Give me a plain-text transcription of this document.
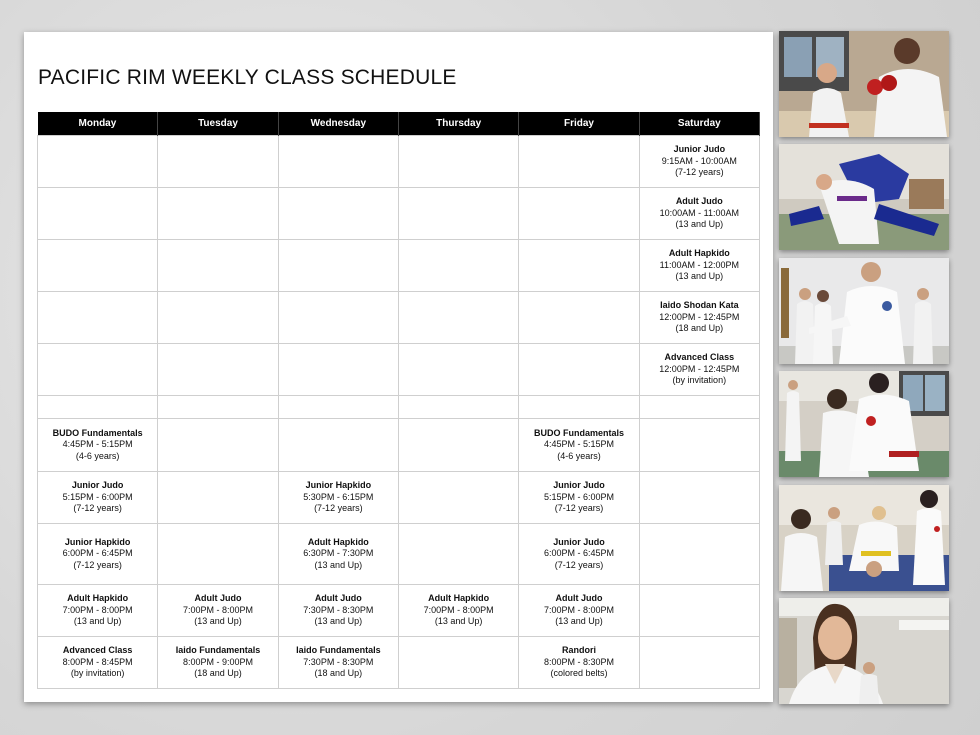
PACIFIC RIM WEEKLY CLASS SCHEDULE
Monday	Tuesday	Wednesday	Thursday	Friday	Saturday

					Junior Judo
9:15AM - 10:00AM
(7-12 years)

					Adult Judo
10:00AM - 11:00AM
(13 and Up)

					Adult Hapkido
11:00AM - 12:00PM
(13 and Up)

					Iaido Shodan Kata
12:00PM - 12:45PM
(18 and Up)

					Advanced Class
12:00PM - 12:45PM
(by invitation)

BUDO Fundamentals
4:45PM - 5:15PM
(4-6 years)				BUDO Fundamentals
4:45PM - 5:15PM
(4-6 years)	

Junior Judo
5:15PM - 6:00PM
(7-12 years)		Junior Hapkido
5:30PM - 6:15PM
(7-12 years)		Junior Judo
5:15PM - 6:00PM
(7-12 years)	

Junior Hapkido
6:00PM - 6:45PM
(7-12 years)		Adult Hapkido
6:30PM - 7:30PM
(13 and Up)		Junior Judo
6:00PM - 6:45PM
(7-12 years)	

Adult Hapkido
7:00PM - 8:00PM
(13 and Up)	Adult Judo
7:00PM - 8:00PM
(13 and Up)	Adult Judo
7:30PM - 8:30PM
(13 and Up)	Adult Hapkido
7:00PM - 8:00PM
(13 and Up)	Adult Judo
7:00PM - 8:00PM
(13 and Up)	

Advanced Class
8:00PM - 8:45PM
(by invitation)	Iaido Fundamentals
8:00PM - 9:00PM
(18 and Up)	Iaido Fundamentals
7:30PM - 8:30PM
(18 and Up)		Randori
8:00PM - 8:30PM
(colored belts)	
